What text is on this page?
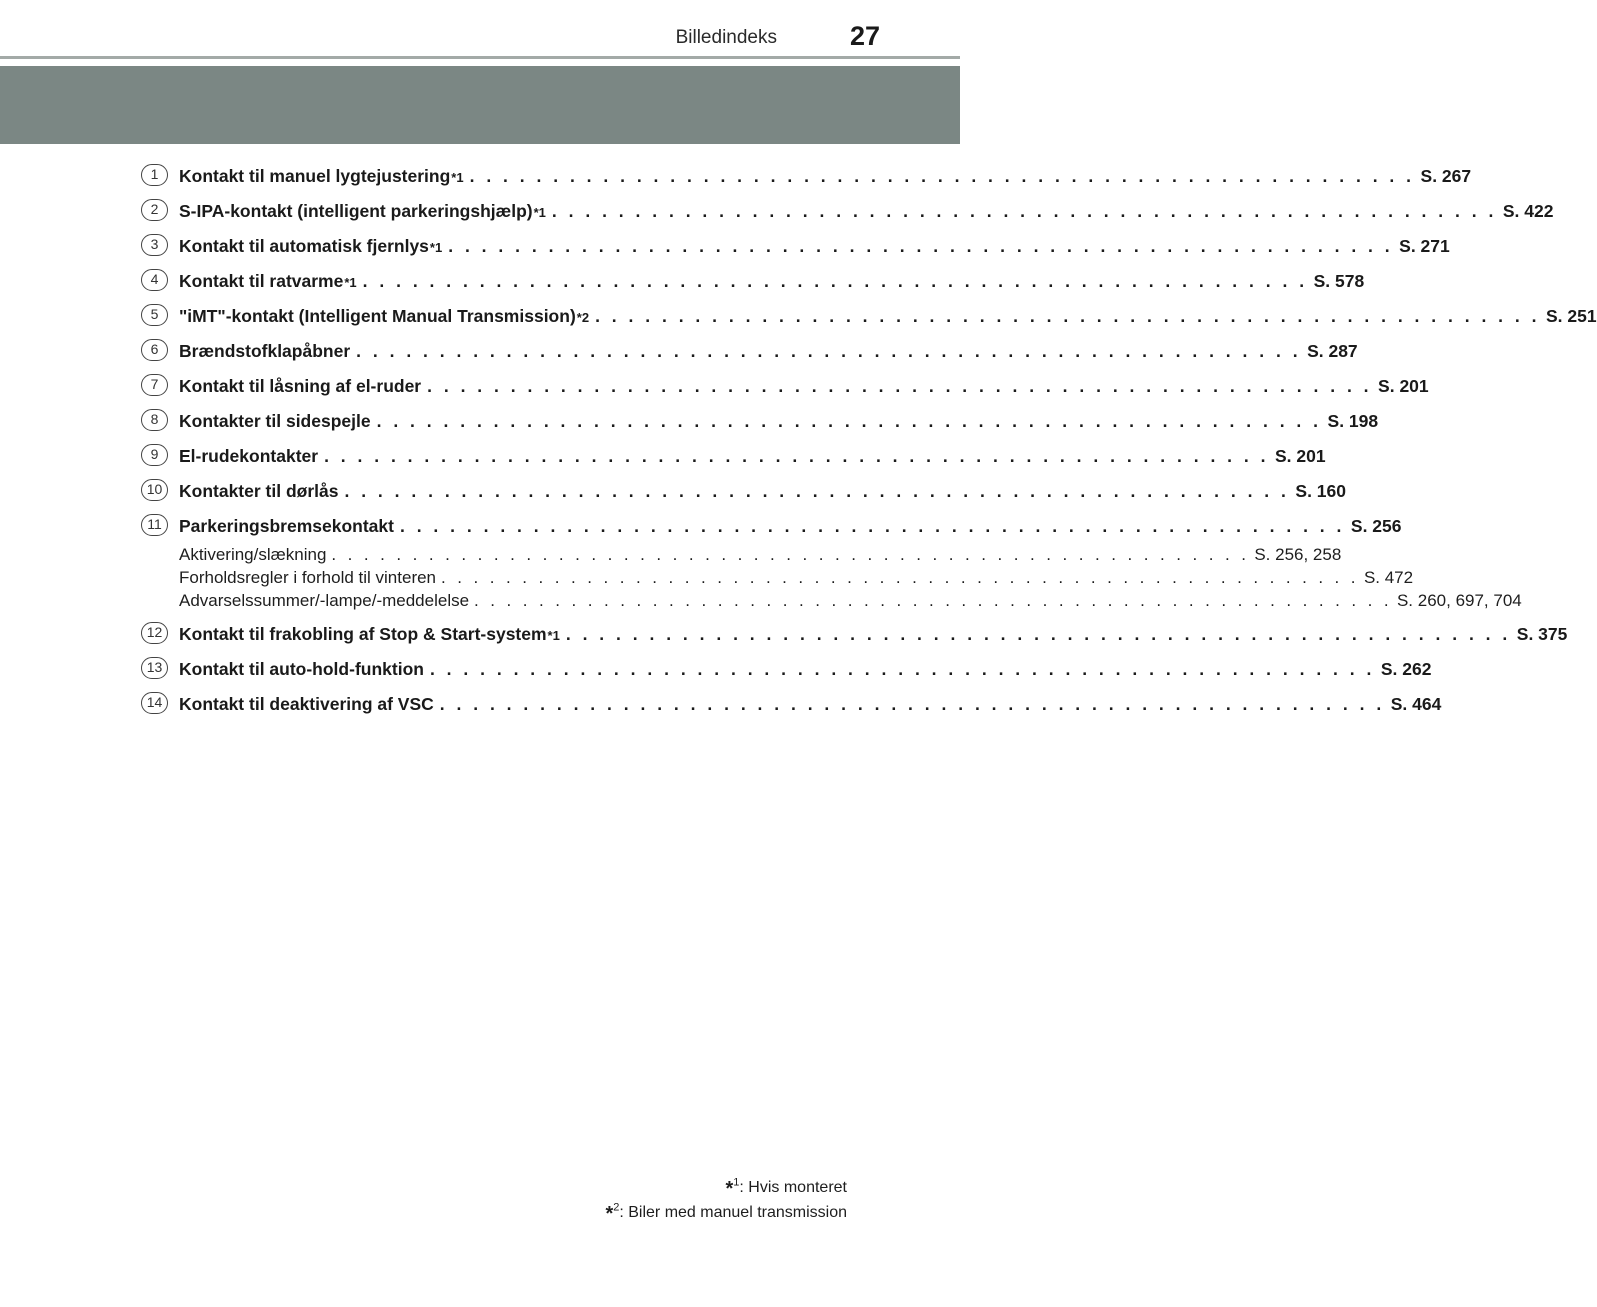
Billedindeks	27
1	Kontakt til manuel lygtejustering *1 . . . . . . . . . . . . . . . . . . . . . . . . . . . . . . . . . . . . . . . . . . . . . . . . . . . . . . . . . S. 267
2	S-IPA-kontakt (intelligent parkeringshjælp) *1 . . . . . . . . . . . . . . . . . . . . . . . . . . . . . . . . . . . . . . . . . . . . . . . . . . . . . . . . . S. 422
3	Kontakt til automatisk fjernlys *1 . . . . . . . . . . . . . . . . . . . . . . . . . . . . . . . . . . . . . . . . . . . . . . . . . . . . . . . . . S. 271
4	Kontakt til ratvarme *1 . . . . . . . . . . . . . . . . . . . . . . . . . . . . . . . . . . . . . . . . . . . . . . . . . . . . . . . . . S. 578
5	"iMT"-kontakt (Intelligent Manual Transmission) *2 . . . . . . . . . . . . . . . . . . . . . . . . . . . . . . . . . . . . . . . . . . . . . . . . . . . . . . . . . S. 251
6	Brændstofklapåbner . . . . . . . . . . . . . . . . . . . . . . . . . . . . . . . . . . . . . . . . . . . . . . . . . . . . . . . . . S. 287
7	Kontakt til låsning af el-ruder . . . . . . . . . . . . . . . . . . . . . . . . . . . . . . . . . . . . . . . . . . . . . . . . . . . . . . . . . S. 201
8	Kontakter til sidespejle . . . . . . . . . . . . . . . . . . . . . . . . . . . . . . . . . . . . . . . . . . . . . . . . . . . . . . . . . S. 198
9	El-rudekontakter . . . . . . . . . . . . . . . . . . . . . . . . . . . . . . . . . . . . . . . . . . . . . . . . . . . . . . . . . S. 201
10 Kontakter til dørlås . . . . . . . . . . . . . . . . . . . . . . . . . . . . . . . . . . . . . . . . . . . . . . . . . . . . . . . . . S. 160
11 Parkeringsbremsekontakt . . . . . . . . . . . . . . . . . . . . . . . . . . . . . . . . . . . . . . . . . . . . . . . . . . . . . . . . . S. 256
Aktivering/slækning . . . . . . . . . . . . . . . . . . . . . . . . . . . . . . . . . . . . . . . . . . . . . . . . . . . . . . . . . S. 256, 258
Forholdsregler i forhold til vinteren . . . . . . . . . . . . . . . . . . . . . . . . . . . . . . . . . . . . . . . . . . . . . . . . . . . . . . . . . S. 472
Advarselssummer/-lampe/-meddelelse . . . . . . . . . . . . . . . . . . . . . . . . . . . . . . . . . . . . . . . . . . . . . . . . . . . . . . . . . S. 260, 697, 704
12 Kontakt til frakobling af Stop & Start-system *1 . . . . . . . . . . . . . . . . . . . . . . . . . . . . . . . . . . . . . . . . . . . . . . . . . . . . . . . . . S. 375
13 Kontakt til auto-hold-funktion . . . . . . . . . . . . . . . . . . . . . . . . . . . . . . . . . . . . . . . . . . . . . . . . . . . . . . . . . S. 262
14 Kontakt til deaktivering af VSC . . . . . . . . . . . . . . . . . . . . . . . . . . . . . . . . . . . . . . . . . . . . . . . . . . . . . . . . . S. 464
*$^1$: Hvis monteret
*$^2$: Biler med manuel transmission
